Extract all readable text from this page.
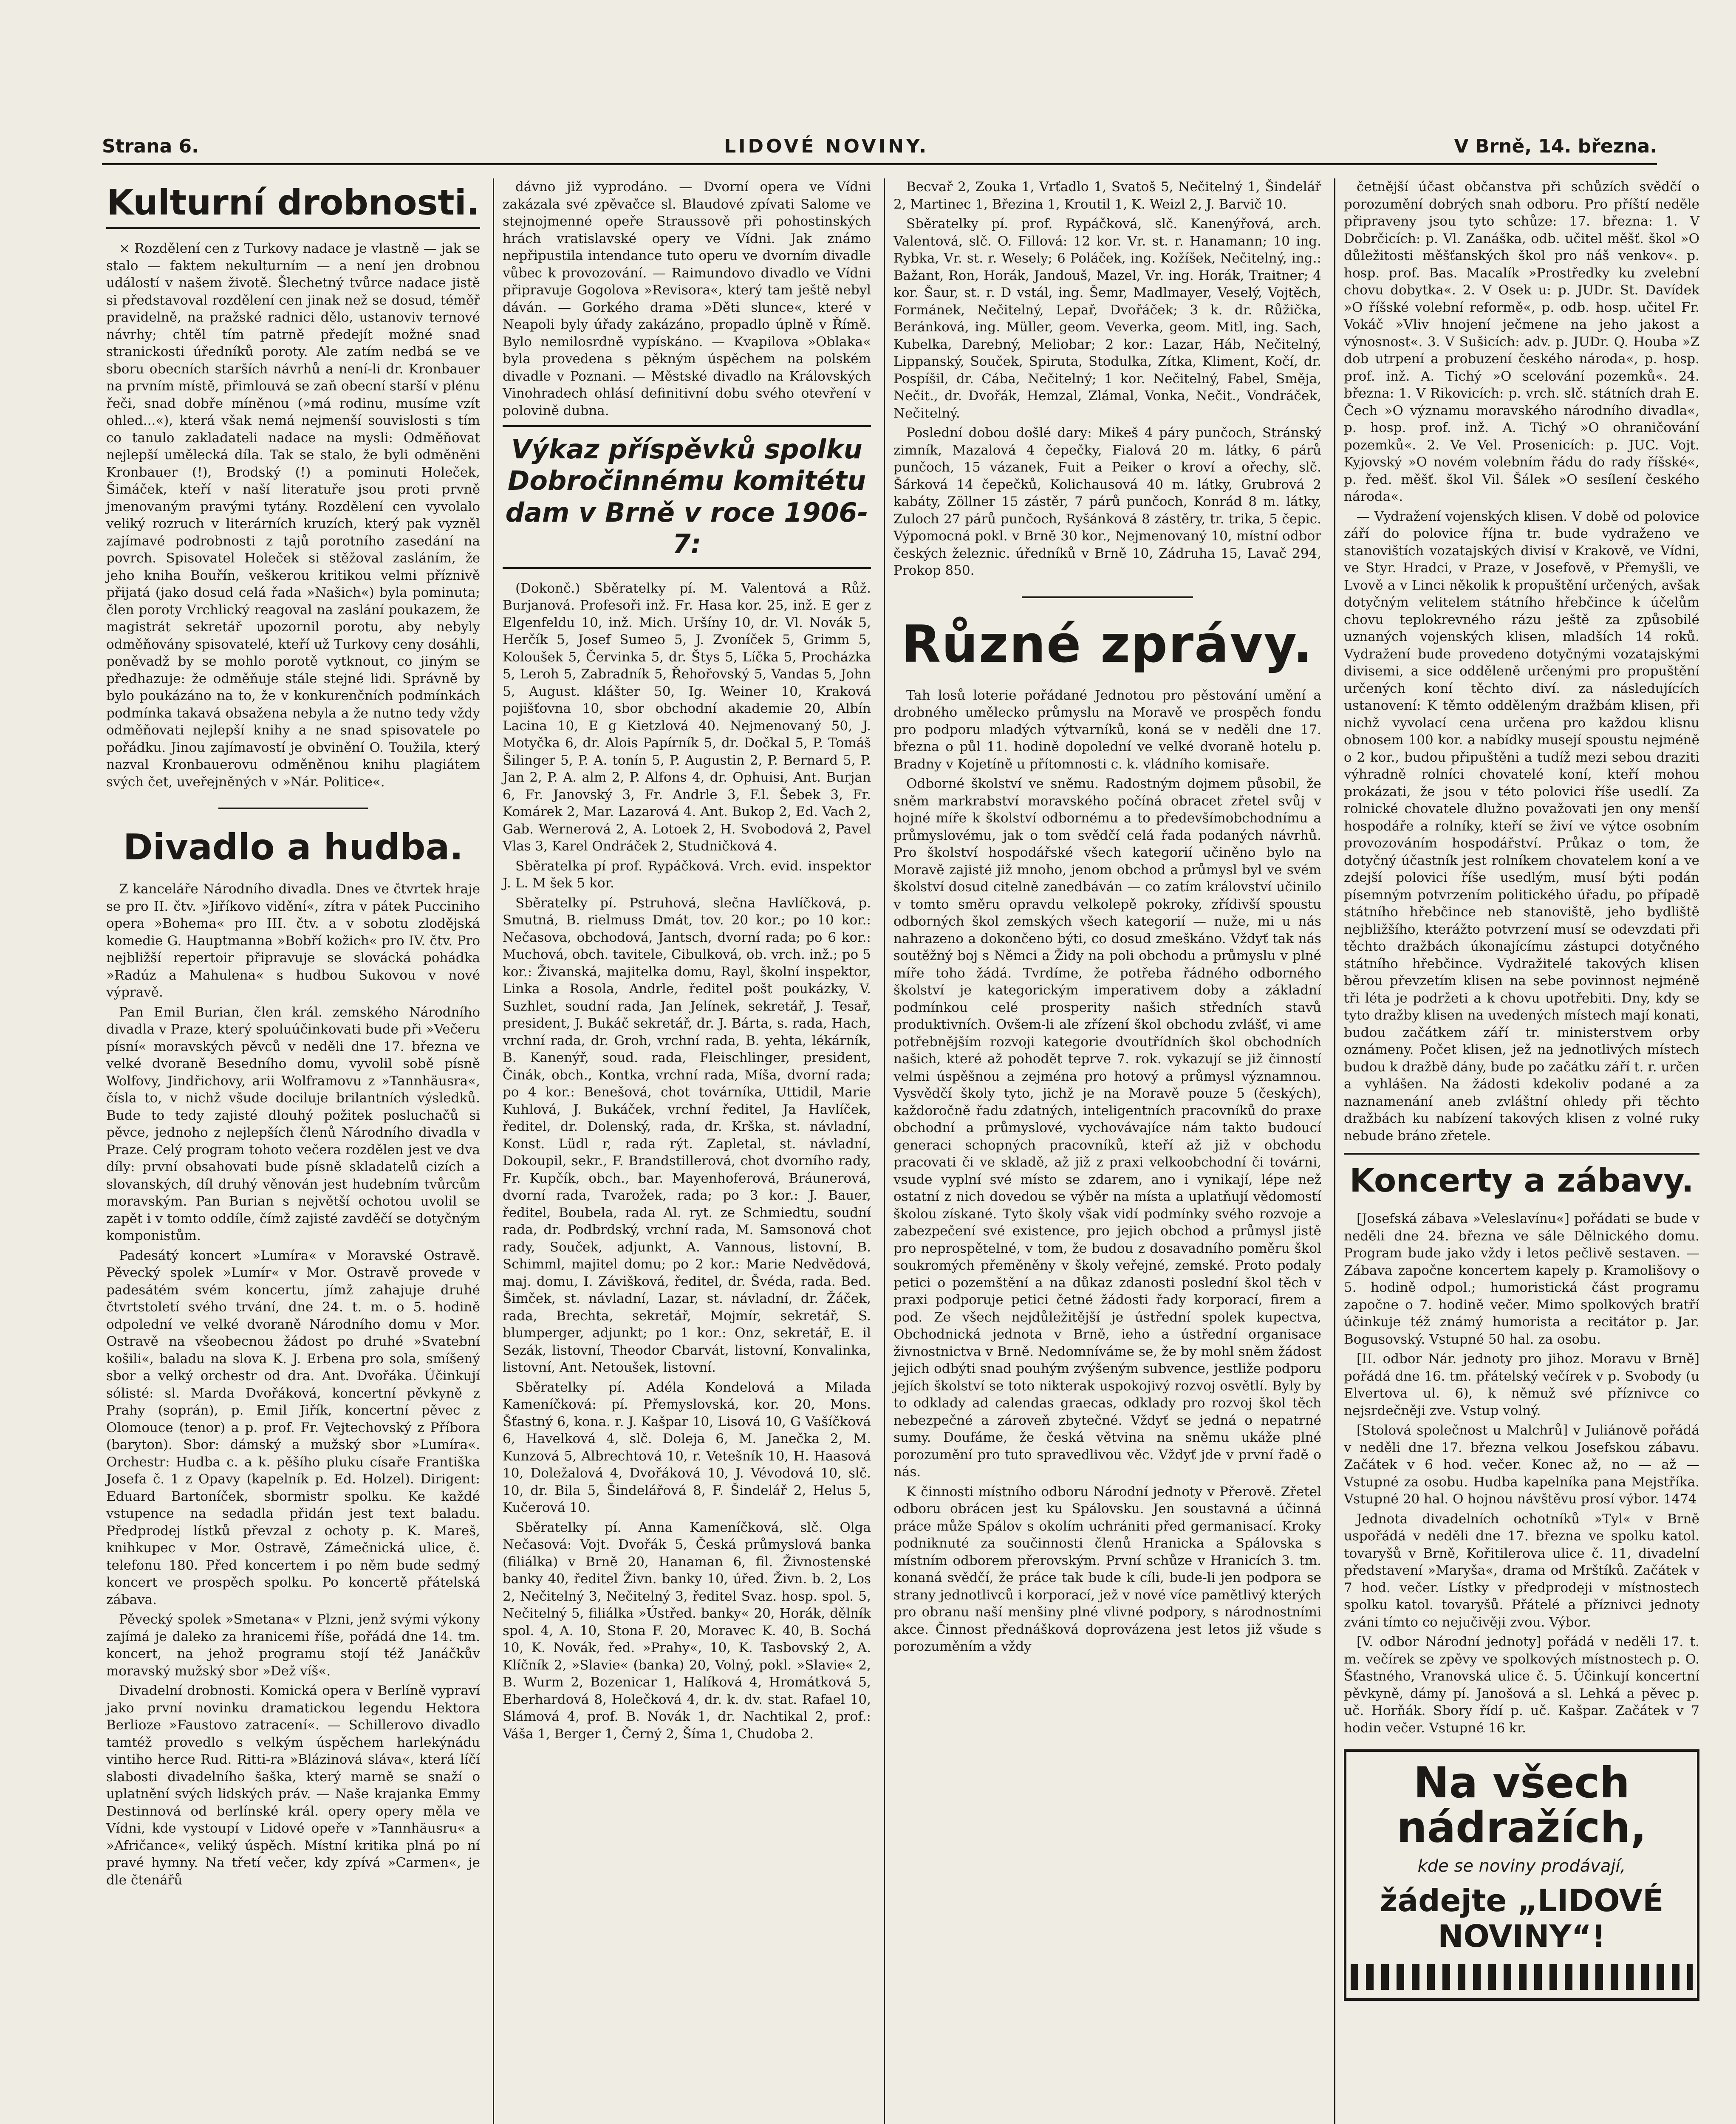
Strana 6.	LIDOVÉ NOVINY.	V Brně, 14. března.
Kulturní drobnosti.

× Rozdělení cen z Turkovy nadace je vlastně — jak se stalo — faktem nekulturním — a není jen drobnou událostí v našem životě. Šlechetný tvůrce nadace jistě si představoval rozdělení cen jinak než se dosud, téměř pravidelně, na pražské radnici dělo, ustanoviv ternové návrhy; chtěl tím patrně předejít možné snad stranickosti úředníků poroty. Ale zatím nedbá se ve sboru obecních starších návrhů a není-li dr. Kronbauer na prvním místě, přimlouvá se zaň obecní starší v plénu řeči, snad dobře míněnou (»má rodinu, musíme vzít ohled...«), která však nemá nejmenší souvislosti s tím co tanulo zakladateli nadace na mysli: Odměňovat nejlepší umělecká díla. Tak se stalo, že byli odměněni Kronbauer (!), Brodský (!) a pominuti Holeček, Šimáček, kteří v naší literatuře jsou proti prvně jmenovaným pravými tytány. Rozdělení cen vyvolalo veliký rozruch v literárních kruzích, který pak vyzněl zajímavé podrobnosti z tajů porotního zasedání na povrch. Spisovatel Holeček si stěžoval zasláním, že jeho kniha Bouřín, veškerou kritikou velmi příznivě přijatá (jako dosud celá řada »Našich«) byla pominuta; člen poroty Vrchlický reagoval na zaslání poukazem, že magistrát sekretář upozornil porotu, aby nebyly odměňovány spisovatelé, kteří už Turkovy ceny dosáhli, poněvadž by se mohlo porotě vytknout, co jiným se předhazuje: že odměňuje stále stejné lidi. Správně by bylo poukázáno na to, že v konkurenčních podmínkách podmínka takavá obsažena nebyla a že nutno tedy vždy odměňovati nejlepší knihy a ne snad spisovatele po pořádku. Jinou zajímavostí je obvinění O. Toužila, který nazval Kronbauerovu odměněnou knihu plagiátem svých čet, uveřejněných v »Nár. Politice«.

Divadlo a hudba.

Z kanceláře Národního divadla. Dnes ve čtvrtek hraje se pro II. čtv. »Jiříkovo vidění«, zítra v pátek Pucciniho opera »Bohema« pro III. čtv. a v sobotu zlodějská komedie G. Hauptmanna »Bobří kožich« pro IV. čtv. Pro nejbližší repertoir připravuje se slovácká pohádka »Radúz a Mahulena« s hudbou Sukovou v nové výpravě.

Pan Emil Burian, člen král. zemského Národního divadla v Praze, který spoluúčinkovati bude při »Večeru písní« moravských pěvců v neděli dne 17. března ve velké dvoraně Besedního domu, vyvolil sobě písně Wolfovy, Jindřichovy, arii Wolframovu z »Tannhäusra«, čísla to, v nichž všude dociluje brilantních výsledků. Bude to tedy zajisté dlouhý požitek posluchačů si pěvce, jednoho z nejlepších členů Národního divadla v Praze. Celý program tohoto večera rozdělen jest ve dva díly: první obsahovati bude písně skladatelů cizích a slovanských, díl druhý věnován jest hudebním tvůrcům moravským. Pan Burian s největší ochotou uvolil se zapět i v tomto oddíle, čímž zajisté zavděčí se dotyčným komponistům.

Padesátý koncert »Lumíra« v Moravské Ostravě. Pěvecký spolek »Lumír« v Mor. Ostravě provede v padesátém svém koncertu, jímž zahajuje druhé čtvrtstoletí svého trvání, dne 24. t. m. o 5. hodině odpolední ve velké dvoraně Národního domu v Mor. Ostravě na všeobecnou žádost po druhé »Svatební košili«, baladu na slova K. J. Erbena pro sola, smíšený sbor a velký orchestr od dra. Ant. Dvořáka. Účinkují sólisté: sl. Marda Dvořáková, koncertní pěvkyně z Prahy (soprán), p. Emil Jiřík, koncertní pěvec z Olomouce (tenor) a p. prof. Fr. Vejtechovský z Příbora (baryton). Sbor: dámský a mužský sbor »Lumíra«. Orchestr: Hudba c. a k. pěšího pluku císaře Františka Josefa č. 1 z Opavy (kapelník p. Ed. Holzel). Dirigent: Eduard Bartoníček, sbormistr spolku. Ke každé vstupence na sedadla přidán jest text baladu. Předprodej lístků převzal z ochoty p. K. Mareš, knihkupec v Mor. Ostravě, Zámečnická ulice, č. telefonu 180. Před koncertem i po něm bude sedmý koncert ve prospěch spolku. Po koncertě přátelská zábava.

Pěvecký spolek »Smetana« v Plzni, jenž svými výkony zajímá je daleko za hranicemi říše, pořádá dne 14. tm. koncert, na jehož programu stojí též Janáčkův moravský mužský sbor »Dež víš«.

Divadelní drobnosti. Komická opera v Berlíně vypraví jako první novinku dramatickou legendu Hektora Berlioze »Faustovo zatracení«. — Schillerovo divadlo tamtéž provedlo s velkým úspěchem harlekýnádu vintiho herce Rud. Ritti-ra »Blázinová sláva«, která líčí slabosti divadelního šaška, který marně se snaží o uplatnění svých lidských práv. — Naše krajanka Emmy Destinnová od berlínské král. opery opery měla ve Vídni, kde vystoupí v Lidové opeře v »Tannhäusru« a »Afričance«, veliký úspěch. Místní kritika plná po ní pravé hymny. Na třetí večer, kdy zpívá »Carmen«, je dle čtenářů

dávno již vyprodáno. — Dvorní opera ve Vídni zakázala své zpěvačce sl. Blaudové zpívati Salome ve stejnojmenné opeře Straussově při pohostinských hrách vratislavské opery ve Vídni. Jak známo nepřipustila intendance tuto operu ve dvorním divadle vůbec k provozování. — Raimundovo divadlo ve Vídni připravuje Gogolova »Revisora«, který tam ještě nebyl dáván. — Gorkého drama »Děti slunce«, které v Neapoli byly úřady zakázáno, propadlo úplně v Římě. Bylo nemilosrdně vypískáno. — Kvapilova »Oblaka« byla provedena s pěkným úspěchem na polském divadle v Poznani. — Městské divadlo na Královských Vinohradech ohlásí definitivní dobu svého otevření v polovině dubna.

Výkaz příspěvků spolku Dobročinnému komitétu dam v Brně v roce 1906-7:

(Dokonč.) Sběratelky pí. M. Valentová a Růž. Burjanová. Profesoři inž. Fr. Hasa kor. 25, inž. E ger z Elgenfeldu 10, inž. Mich. Uršíny 10, dr. Vl. Novák 5, Herčík 5, Josef Sumeo 5, J. Zvoníček 5, Grimm 5, Koloušek 5, Červinka 5, dr. Štys 5, Líčka 5, Procházka 5, Leroh 5, Zabradník 5, Řehořovský 5, Vandas 5, John 5, August. klášter 50, Ig. Weiner 10, Kraková pojišťovna 10, sbor obchodní akademie 20, Albín Lacina 10, E g Kietzlová 40. Nejmenovaný 50, J. Motyčka 6, dr. Alois Papírník 5, dr. Dočkal 5, P. Tomáš Šilinger 5, P. A. tonín 5, P. Augustin 2, P. Bernard 5, P. Jan 2, P. A. alm 2, P. Alfons 4, dr. Ophuisi, Ant. Burjan 6, Fr. Janovský 3, Fr. Andrle 3, F.l. Šebek 3, Fr. Komárek 2, Mar. Lazarová 4. Ant. Bukop 2, Ed. Vach 2, Gab. Wernerová 2, A. Lotoek 2, H. Svobodová 2, Pavel Vlas 3, Karel Ondráček 2, Studničková 4.

Sběratelka pí prof. Rypáčková. Vrch. evid. inspektor J. L. M šek 5 kor.

Sběratelky pí. Pstruhová, slečna Havlíčková, p. Smutná, B. rielmuss Dmát, tov. 20 kor.; po 10 kor.: Nečasova, obchodová, Jantsch, dvorní rada; po 6 kor.: Muchová, obch. tavitele, Cibulková, ob. vrch. inž.; po 5 kor.: Živanská, majitelka domu, Rayl, školní inspektor, Linka a Rosola, Andrle, ředitel pošt poukázky, V. Suzhlet, soudní rada, Jan Jelínek, sekretář, J. Tesař, president, J. Bukáč sekretář, dr. J. Bárta, s. rada, Hach, vrchní rada, dr. Groh, vrchní rada, B. yehta, lékárník, B. Kanenýř, soud. rada, Fleischlinger, president, Činák, obch., Kontka, vrchní rada, Míša, dvorní rada; po 4 kor.: Benešová, chot továrníka, Uttidil, Marie Kuhlová, J. Bukáček, vrchní ředitel, Ja Havlíček, ředitel, dr. Dolenský, rada, dr. Krška, st. návladní, Konst. Lüdl r, rada rýt. Zapletal, st. návladní, Dokoupil, sekr., F. Brandstillerová, chot dvorního rady, Fr. Kupčík, obch., bar. Mayenhoferová, Bráunerová, dvorní rada, Tvarožek, rada; po 3 kor.: J. Bauer, ředitel, Boubela, rada Al. ryt. ze Schmiedtu, soudní rada, dr. Podbrdský, vrchní rada, M. Samsonová chot rady, Souček, adjunkt, A. Vannous, listovní, B. Schimml, majitel domu; po 2 kor.: Marie Nedvědová, maj. domu, I. Závišková, ředitel, dr. Švéda, rada. Bed. Šimček, st. návladní, Lazar, st. návladní, dr. Žáček, rada, Brechta, sekretář, Mojmír, sekretář, S. blumperger, adjunkt; po 1 kor.: Onz, sekretář, E. il Sezák, listovní, Theodor Cbarvát, listovní, Konvalinka, listovní, Ant. Netoušek, listovní.

Sběratelky pí. Adéla Kondelová a Milada Kameníčková: pí. Přemyslovská, kor. 20, Mons. Šťastný 6, kona. r. J. Kašpar 10, Lisová 10, G Vašíčková 6, Havelková 4, slč. Doleja 6, M. Janečka 2, M. Kunzová 5, Albrechtová 10, r. Vetešník 10, H. Haasová 10, Doležalová 4, Dvořáková 10, J. Vévodová 10, slč. 10, dr. Bila 5, Šindelářová 8, F. Šindelář 2, Helus 5, Kučerová 10.

Sběratelky pí. Anna Kameníčková, slč. Olga Nečasová: Vojt. Dvořák 5, Česká průmyslová banka (filiálka) v Brně 20, Hanaman 6, fil. Živnostenské banky 40, ředitel Živn. banky 10, úřed. Živn. b. 2, Los 2, Nečitelný 3, Nečitelný 3, ředitel Svaz. hosp. spol. 5, Nečitelný 5, filiálka »Ústřed. banky« 20, Horák, dělník spol. 4, A. 10, Stona F. 20, Moravec K. 40, B. Sochá 10, K. Novák, řed. »Prahy«, 10, K. Tasbovský 2, A. Klíčník 2, »Slavie« (banka) 20, Volný, pokl. »Slavie« 2, B. Wurm 2, Bozenicar 1, Halíková 4, Hromátková 5, Eberhardová 8, Holečková 4, dr. k. dv. stat. Rafael 10, Slámová 4, prof. B. Novák 1, dr. Nachtikal 2, prof.: Váša 1, Berger 1, Černý 2, Šíma 1, Chudoba 2.

Becvař 2, Zouka 1, Vrťadlo 1, Svatoš 5, Nečitelný 1, Šindelář 2, Martinec 1, Březina 1, Kroutil 1, K. Weizl 2, J. Barvič 10.

Sběratelky pí. prof. Rypáčková, slč. Kanenýřová, arch. Valentová, slč. O. Fillová: 12 kor. Vr. st. r. Hanamann; 10 ing. Rybka, Vr. st. r. Wesely; 6 Poláček, ing. Kožíšek, Nečitelný, ing.: Bažant, Ron, Horák, Jandouš, Mazel, Vr. ing. Horák, Traitner; 4 kor. Šaur, st. r. D vstál, ing. Šemr, Madlmayer, Veselý, Vojtěch, Formánek, Nečitelný, Lepař, Dvořáček; 3 k. dr. Růžička, Beránková, ing. Müller, geom. Veverka, geom. Mitl, ing. Sach, Kubelka, Darebný, Meliobar; 2 kor.: Lazar, Háb, Nečitelný, Lippanský, Souček, Spiruta, Stodulka, Zítka, Kliment, Kočí, dr. Pospíšil, dr. Cába, Nečitelný; 1 kor. Nečitelný, Fabel, Směja, Nečit., dr. Dvořák, Hemzal, Zlámal, Vonka, Nečit., Vondráček, Nečitelný.

Poslední dobou došlé dary: Mikeš 4 páry punčoch, Stránský zimník, Mazalová 4 čepečky, Fialová 20 m. látky, 6 párů punčoch, 15 vázanek, Fuit a Peiker o kroví a ořechy, slč. Šárková 14 čepečků, Kolichausová 40 m. látky, Grubrová 2 kabáty, Zöllner 15 zástěr, 7 párů punčoch, Konrád 8 m. látky, Zuloch 27 párů punčoch, Ryšánková 8 zástěry, tr. trika, 5 čepic. Výpomocná pokl. v Brně 30 kor., Nejmenovaný 10, místní odbor českých železnic. úředníků v Brně 10, Zádruha 15, Lavač 294, Prokop 850.

Různé zprávy.

Tah losů loterie pořádané Jednotou pro pěstování umění a drobného umělecko průmyslu na Moravě ve prospěch fondu pro podporu mladých výtvarníků, koná se v neděli dne 17. března o půl 11. hodině dopolední ve velké dvoraně hotelu p. Bradny v Kojetíně u přítomnosti c. k. vládního komisaře.

Odborné školství ve sněmu. Radostným dojmem působil, že sněm markrabství moravského počíná obracet zřetel svůj v hojné míře k školství odbornému a to předevšímobchodnímu a průmyslovému, jak o tom svědčí celá řada podaných návrhů. Pro školství hospodářské všech kategorií učiněno bylo na Moravě zajisté již mnoho, jenom obchod a průmysl byl ve svém školství dosud citelně zanedbáván — co zatím království učinilo v tomto směru opravdu velkolepě pokroky, zřídivší spoustu odborných škol zemských všech kategorií — nuže, mi u nás nahrazeno a dokončeno býti, co dosud zmeškáno. Vždyť tak nás soutěžný boj s Němci a Židy na poli obchodu a průmyslu v plné míře toho žádá. Tvrdíme, že potřeba řádného odborného školství je kategorickým imperativem doby a základní podmínkou celé prosperity našich středních stavů produktivních. Ovšem-li ale zřízení škol obchodu zvlášť, vi ame potřebnějším rozvoji kategorie dvoutřídních škol obchodních našich, které až pohodět teprve 7. rok. vykazují se již činností velmi úspěšnou a zejména pro hotový a průmysl významnou. Vysvědčí školy tyto, jichž je na Moravě pouze 5 (českých), každoročně řadu zdatných, inteligentních pracovníků do praxe obchodní a průmyslové, vychovávajíce nám takto budoucí generaci schopných pracovníků, kteří až již v obchodu pracovati či ve skladě, až již z praxi velkoobchodní či továrni, vsude vyplní své místo se zdarem, ano i vynikají, lépe než ostatní z nich dovedou se výběr na místa a uplatňují vědomostí školou získané. Tyto školy však vidí podmínky svého rozvoje a zabezpečení své existence, pro jejich obchod a průmysl jistě pro neprospětelné, v tom, že budou z dosavadního poměru škol soukromých přeměněny v školy veřejné, zemské. Proto podaly petici o pozemštění a na důkaz zdanosti poslední škol těch v praxi podporuje petici četné žádosti řady korporací, firem a pod. Ze všech nejdůležitější je ústřední spolek kupectva, Obchodnická jednota v Brně, ieho a ústřední organisace živnostnictva v Brně. Nedomníváme se, že by mohl sněm žádost jejich odbýti snad pouhým zvýšeným subvence, jestliže podporu jejích školství se toto nikterak uspokojivý rozvoj osvětlí. Byly by to odklady ad calendas graecas, odklady pro rozvoj škol těch nebezpečné a zároveň zbytečné. Vždyť se jedná o nepatrné sumy. Doufáme, že česká větvina na sněmu ukáže plné porozumění pro tuto spravedlivou věc. Vždyť jde v první řadě o nás.

K činnosti místního odboru Národní jednoty v Přerově. Zřetel odboru obrácen jest ku Spálovsku. Jen soustavná a účinná práce může Spálov s okolím uchrániti před germanisací. Kroky podniknuté za součinnosti členů Hranicka a Spálovska s místním odborem přerovským. První schůze v Hranicích 3. tm. konaná svědčí, že práce tak bude k cíli, bude-li jen podpora se strany jednotlivců i korporací, jež v nové více pamětlivý kterých pro obranu naší menšiny plné vlivné podpory, s národnostními akce. Činnost přednášková doprovázena jest letos již všude s porozuměním a vždy

četnější účast občanstva při schůzích svědčí o porozumění dobrých snah odboru. Pro příští neděle připraveny jsou tyto schůze: 17. března: 1. V Dobrčicích: p. Vl. Zanáška, odb. učitel měšť. škol »O důležitosti měšťanských škol pro náš venkov«. p. hosp. prof. Bas. Macalík »Prostředky ku zvelební chovu dobytka«. 2. V Osek u: p. JUDr. St. Davídek »O říšské volební reformě«, p. odb. hosp. učitel Fr. Vokáč »Vliv hnojení ječmene na jeho jakost a výnosnost«. 3. V Sušicích: adv. p. JUDr. Q. Houba »Z dob utrpení a probuzení českého národa«, p. hosp. prof. inž. A. Tichý »O scelování pozemků«. 24. března: 1. V Rikovicích: p. vrch. slč. státních drah E. Čech »O významu moravského národního divadla«, p. hosp. prof. inž. A. Tichý »O ohraničování pozemků«. 2. Ve Vel. Prosenicích: p. JUC. Vojt. Kyjovský »O novém volebním řádu do rady říšské«, p. řed. měšť. škol Vil. Šálek »O sesílení českého národa«.

— Vydražení vojenských klisen. V době od polovice září do polovice října tr. bude vydraženo ve stanovištích vozatajských divisí v Krakově, ve Vídni, ve Styr. Hradci, v Praze, v Josefově, v Přemyšli, ve Lvově a v Linci několik k propuštění určených, avšak dotyčným velitelem státního hřebčince k účelům chovu teplokrevného rázu ještě za způsobilé uznaných vojenských klisen, mladších 14 roků. Vydražení bude provedeno dotyčnými vozatajskými divisemi, a sice odděleně určenými pro propuštění určených koní těchto diví. za následujících ustanovení: K těmto odděleným dražbám klisen, při nichž vyvolací cena určena pro každou klisnu obnosem 100 kor. a nabídky musejí spoustu nejméně o 2 kor., budou připuštěni a tudíž mezi sebou draziti výhradně rolníci chovatelé koní, kteří mohou prokázati, že jsou v této polovici říše usedlí. Za rolnické chovatele dlužno považovati jen ony menší hospodáře a rolníky, kteří se živí ve výtce osobním provozováním hospodářství. Průkaz o tom, že dotyčný účastník jest rolníkem chovatelem koní a ve zdejší polovici říše usedlým, musí býti podán písemným potvrzením politického úřadu, po případě státního hřebčince neb stanoviště, jeho bydliště nejbližšího, kterážto potvrzení musí se odevzdati při těchto dražbách úkonajícímu zástupci dotyčného státního hřebčince. Vydražitelé takových klisen běrou převzetím klisen na sebe povinnost nejméně tři léta je podržeti a k chovu upotřebiti. Dny, kdy se tyto dražby klisen na uvedených místech mají konati, budou začátkem září tr. ministerstvem orby oznámeny. Počet klisen, jež na jednotlivých místech budou k dražbě dány, bude po začátku září t. r. určen a vyhlášen. Na žádosti kdekoliv podané a za naznamenání aneb zvláštní ohledy při těchto dražbách ku nabízení takových klisen z volné ruky nebude bráno zřetele.

Koncerty a zábavy.

[Josefská zábava »Veleslavínu«] pořádati se bude v neděli dne 24. března ve sále Dělnického domu. Program bude jako vždy i letos pečlivě sestaven. — Zábava započne koncertem kapely p. Kramolišovy o 5. hodině odpol.; humoristická část programu započne o 7. hodině večer. Mimo spolkových bratří účinkuje též známý humorista a recitátor p. Jar. Bogusovský. Vstupné 50 hal. za osobu.

[II. odbor Nár. jednoty pro jihoz. Moravu v Brně] pořádá dne 16. tm. přátelský večírek v p. Svobody (u Elvertova ul. 6), k němuž své příznivce co nejsrdečněji zve. Vstup volný.

[Stolová společnost u Malchrů] v Juliánově pořádá v neděli dne 17. března velkou Josefskou zábavu. Začátek v 6 hod. večer. Konec až, no — až — Vstupné za osobu. Hudba kapelníka pana Mejstříka. Vstupné 20 hal. O hojnou návštěvu prosí výbor. 1474

Jednota divadelních ochotníků »Tyl« v Brně uspořádá v neděli dne 17. března ve spolku katol. tovaryšů v Brně, Kořitilerova ulice č. 11, divadelní představení »Maryša«, drama od Mrštíků. Začátek v 7 hod. večer. Lístky v předprodeji v místnostech spolku katol. tovaryšů. Přátelé a příznivci jednoty zváni tímto co nejučivěji zvou. Výbor.

[V. odbor Národní jednoty] pořádá v neděli 17. t. m. večírek se zpěvy ve spolkových místnostech p. O. Šťastného, Vranovská ulice č. 5. Účinkují koncertní pěvkyně, dámy pí. Janošová a sl. Lehká a pěvec p. uč. Horňák. Sbory řídí p. uč. Kašpar. Začátek v 7 hodin večer. Vstupné 16 kr.

Na všech nádražích,
kde se noviny prodávají,
žádejte „LIDOVÉ NOVINY“!
